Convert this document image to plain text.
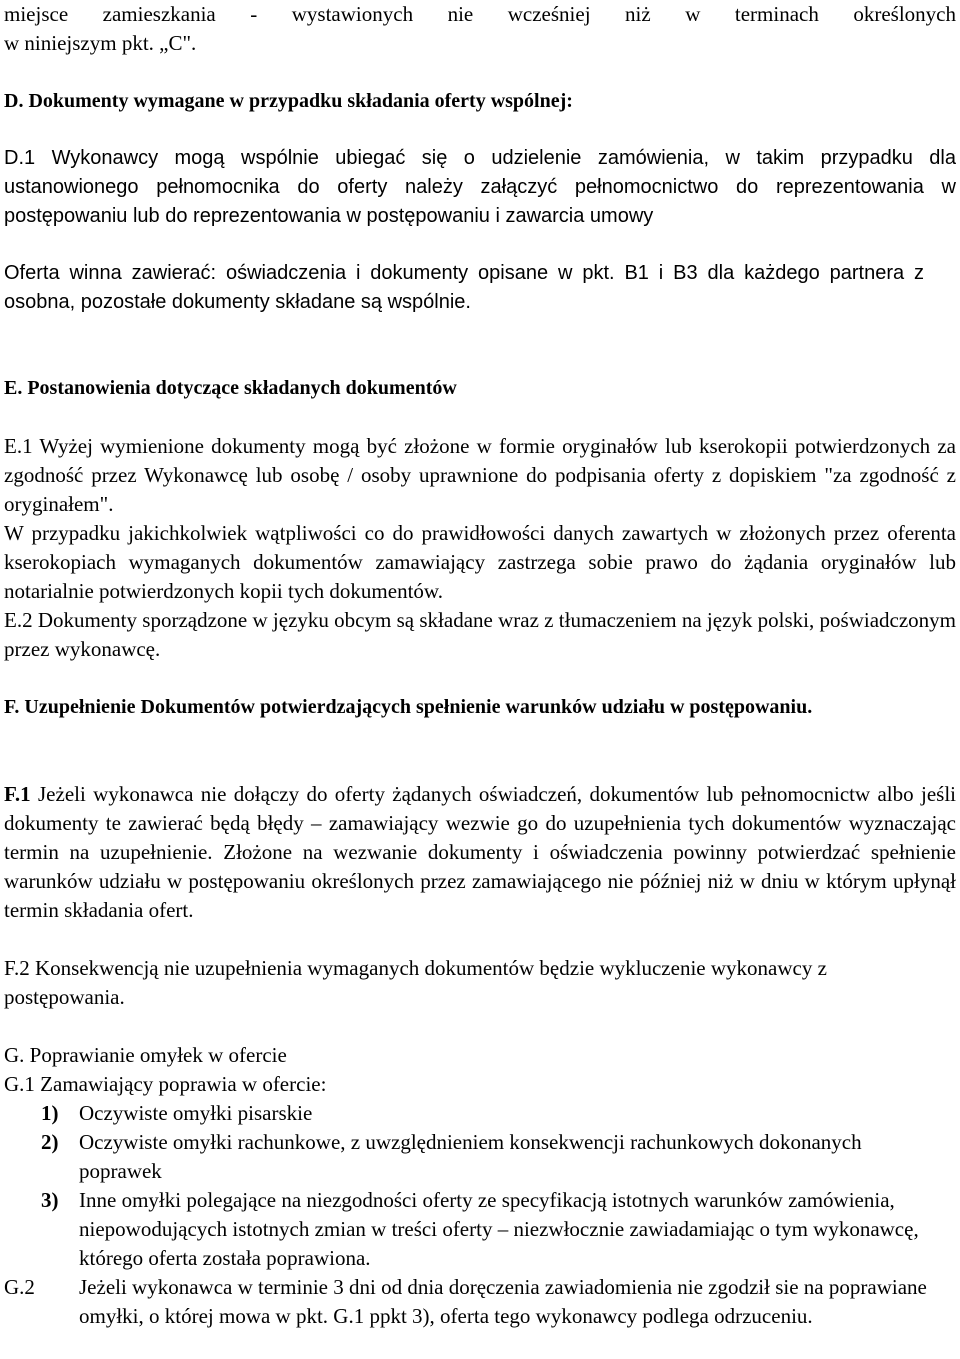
miejsce zamieszkania - wystawionych nie wcześniej niż w terminach określonych

w niniejszym pkt. „C".

D. Dokumenty wymagane w przypadku składania oferty wspólnej:

D.1 Wykonawcy mogą wspólnie ubiegać się o udzielenie zamówienia, w takim przypadku dla ustanowionego pełnomocnika do oferty należy załączyć pełnomocnictwo do reprezentowania w postępowaniu lub do reprezentowania w postępowaniu i zawarcia umowy

Oferta winna zawierać: oświadczenia i dokumenty opisane w pkt. B1 i B3 dla każdego partnera z osobna, pozostałe dokumenty składane są wspólnie.

E. Postanowienia dotyczące składanych dokumentów

E.1 Wyżej wymienione dokumenty mogą być złożone w formie oryginałów lub kserokopii potwierdzonych za zgodność przez Wykonawcę lub osobę / osoby uprawnione do podpisania oferty z dopiskiem "za zgodność z oryginałem".

W przypadku jakichkolwiek wątpliwości co do prawidłowości danych zawartych w złożonych przez oferenta kserokopiach wymaganych dokumentów zamawiający zastrzega sobie prawo do żądania oryginałów lub notarialnie potwierdzonych kopii tych dokumentów.

E.2 Dokumenty sporządzone w języku obcym są składane wraz z tłumaczeniem na język polski, poświadczonym przez wykonawcę.

F. Uzupełnienie Dokumentów potwierdzających spełnienie warunków udziału w postępowaniu.

F.1 Jeżeli wykonawca nie dołączy do oferty żądanych oświadczeń, dokumentów lub pełnomocnictw albo jeśli dokumenty te zawierać będą błędy – zamawiający wezwie go do uzupełnienia tych dokumentów wyznaczając termin na uzupełnienie. Złożone na wezwanie dokumenty i oświadczenia powinny potwierdzać spełnienie warunków udziału w postępowaniu określonych przez zamawiającego nie później niż w dniu w którym upłynął termin składania ofert.

F.2 Konsekwencją nie uzupełnienia wymaganych dokumentów będzie wykluczenie wykonawcy z postępowania.

G. Poprawianie omyłek w ofercie

G.1 Zamawiający poprawia w ofercie:

1) Oczywiste omyłki pisarskie
2) Oczywiste omyłki rachunkowe, z uwzględnieniem konsekwencji rachunkowych dokonanych poprawek
3) Inne omyłki polegające na niezgodności oferty ze specyfikacją istotnych warunków zamówienia, niepowodujących istotnych zmian w treści oferty – niezwłocznie zawiadamiając o tym wykonawcę, którego oferta została poprawiona.
G.2 Jeżeli wykonawca w terminie 3 dni od dnia doręczenia zawiadomienia nie zgodził sie na poprawiane omyłki, o której mowa w pkt. G.1 ppkt 3), oferta tego wykonawcy podlega odrzuceniu.
